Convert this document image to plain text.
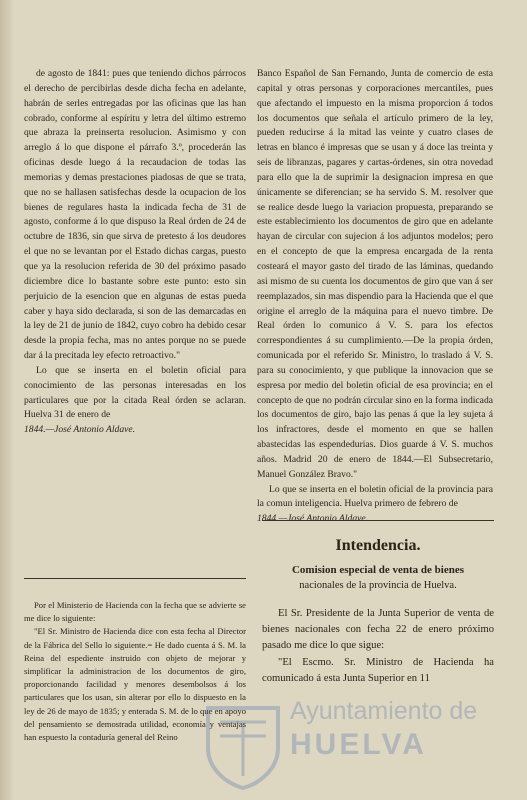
de agosto de 1841: pues que teniendo dichos párrocos el derecho de percibirlas desde dicha fecha en adelante, habrán de serles entregadas por las oficinas que las han cobrado, conforme al espíritu y letra del último estremo que abraza la preinserta resolucion. Asimismo y con arreglo á lo que dispone el párrafo 3.º, procederán las oficinas desde luego á la recaudacion de todas las memorias y demas prestaciones piadosas de que se trata, que no se hallasen satisfechas desde la ocupacion de los bienes de regulares hasta la indicada fecha de 31 de agosto, conforme á lo que dispuso la Real órden de 24 de octubre de 1836, sin que sirva de pretesto á los deudores el que no se levantan por el Estado dichas cargas, puesto que ya la resolucion referida de 30 del próximo pasado diciembre dice lo bastante sobre este punto: esto sin perjuicio de la esencion que en algunas de estas pueda caber y haya sido declarada, si son de las demarcadas en la ley de 21 de junio de 1842, cuyo cobro ha debido cesar desde la propia fecha, mas no antes porque no se puede dar á la precitada ley efecto retroactivo."

Lo que se inserta en el boletin oficial para conocimiento de las personas interesadas en los particulares que por la citada Real órden se aclaran. Huelva 31 de enero de

1844.—José Antonio Aldave.

Por el Ministerio de Hacienda con la fecha que se advierte se me dice lo siguiente:

"El Sr. Ministro de Hacienda dice con esta fecha al Director de la Fábrica del Sello lo siguiente.= He dado cuenta á S. M. la Reina del espediente instruido con objeto de mejorar y simplificar la administracion de los documentos de giro, proporcionando facilidad y menores desembolsos á los particulares que los usan, sin alterar por ello lo dispuesto en la ley de 26 de mayo de 1835; y enterada S. M. de lo que en apoyo del pensamiento se demostrada utilidad, economía y ventajas han espuesto la contaduría general del Reino

Banco Español de San Fernando, Junta de comercio de esta capital y otras personas y corporaciones mercantiles, pues que afectando el impuesto en la misma proporcion á todos los documentos que señala el artículo primero de la ley, pueden reducirse á la mitad las veinte y cuatro clases de letras en blanco é impresas que se usan y á doce las treinta y seis de libranzas, pagares y cartas-órdenes, sin otra novedad para ello que la de suprimir la designacion impresa en que únicamente se diferencian; se ha servido S. M. resolver que se realice desde luego la variacion propuesta, preparando se este establecimiento los documentos de giro que en adelante hayan de circular con sujecion á los adjuntos modelos; pero en el concepto de que la empresa encargada de la renta costeará el mayor gasto del tirado de las láminas, quedando asi mismo de su cuenta los documentos de giro que van á ser reemplazados, sin mas dispendio para la Hacienda que el que origine el arreglo de la máquina para el nuevo timbre. De Real órden lo comunico á V. S. para los efectos correspondientes á su cumplimiento.—De la propia órden, comunicada por el referido Sr. Ministro, lo traslado á V. S. para su conocimiento, y que publique la innovacion que se espresa por medio del boletin oficial de esa provincia; en el concepto de que no podrán circular sino en la forma indicada los documentos de giro, bajo las penas á que la ley sujeta á los infractores, desde el momento en que se hallen abastecidas las espendedurias. Dios guarde á V. S. muchos años. Madrid 20 de enero de 1844.—El Subsecretario, Manuel González Bravo."

Lo que se inserta en el boletin oficial de la provincia para la comun inteligencia. Huelva primero de febrero de

1844.—José Antonio Aldave.

Intendencia.
Comision especial de venta de bienes
nacionales de la provincia de Huelva.

El Sr. Presidente de la Junta Superior de venta de bienes nacionales con fecha 22 de enero próximo pasado me dice lo que sigue:

"El Escmo. Sr. Ministro de Hacienda ha comunicado á esta Junta Superior en 11

Ayuntamiento de
HUELVA
